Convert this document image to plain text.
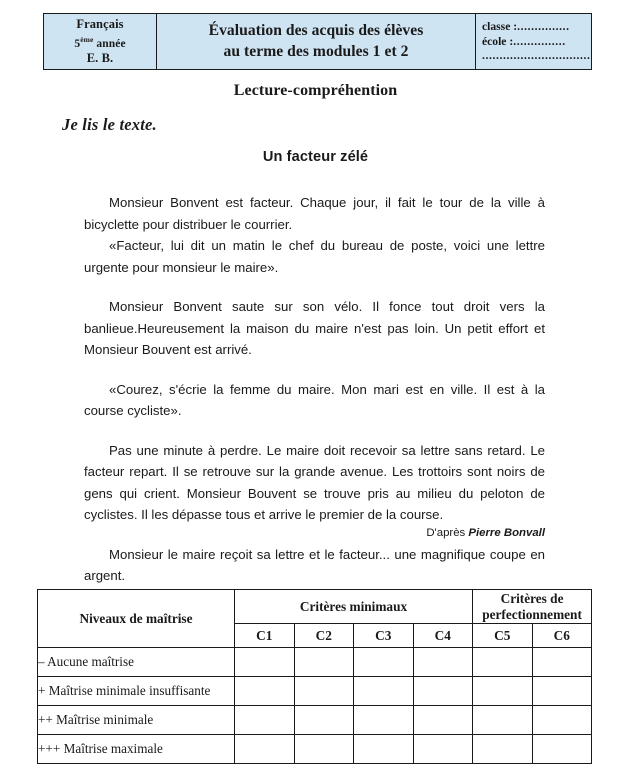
Français
5ème année
E. B.

Évaluation des acquis des élèves
au terme des modules 1 et 2

classe :...............
école :...............
...............................
Lecture-compréhention
Je lis le texte.
Un facteur zélé

Monsieur Bonvent est facteur. Chaque jour, il fait le tour de la ville à bicyclette pour distribuer le courrier.

«Facteur, lui dit un matin le chef du bureau de poste, voici une lettre urgente pour monsieur le maire».

Monsieur Bonvent saute sur son vélo. Il fonce tout droit vers la banlieue.Heureusement la maison du maire n'est pas loin. Un petit effort et Monsieur Bouvent est arrivé.

«Courez, s'écrie la femme du maire. Mon mari est en ville. Il est à la course cycliste».

Pas une minute à perdre. Le maire doit recevoir sa lettre sans retard. Le facteur repart. Il se retrouve sur la grande avenue. Les trottoirs sont noirs de gens qui crient. Monsieur Bouvent se trouve pris au milieu du peloton de cyclistes. Il les dépasse tous et arrive le premier de la course.

Monsieur le maire reçoit sa lettre et le facteur... une magnifique coupe en argent.

D'après Pierre Bonvall
Niveaux de maîtrise	Critères minimaux				Critères de perfectionnement	
	C1	C2	C3	C4	C5	C6
– Aucune maîtrise						
+ Maîtrise minimale insuffisante						
++ Maîtrise minimale						
+++ Maîtrise maximale						
